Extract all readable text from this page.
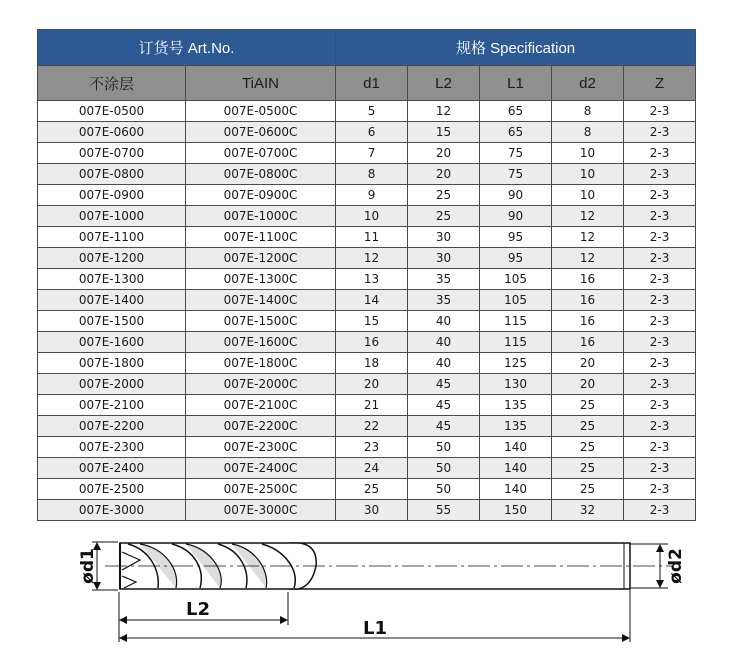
订货号 Art.No.		规格 Specification				
不涂层	TiAIN	d1	L2	L1	d2	Z
007E-0500	007E-0500C	5	12	65	8	2-3
007E-0600	007E-0600C	6	15	65	8	2-3
007E-0700	007E-0700C	7	20	75	10	2-3
007E-0800	007E-0800C	8	20	75	10	2-3
007E-0900	007E-0900C	9	25	90	10	2-3
007E-1000	007E-1000C	10	25	90	12	2-3
007E-1100	007E-1100C	11	30	95	12	2-3
007E-1200	007E-1200C	12	30	95	12	2-3
007E-1300	007E-1300C	13	35	105	16	2-3
007E-1400	007E-1400C	14	35	105	16	2-3
007E-1500	007E-1500C	15	40	115	16	2-3
007E-1600	007E-1600C	16	40	115	16	2-3
007E-1800	007E-1800C	18	40	125	20	2-3
007E-2000	007E-2000C	20	45	130	20	2-3
007E-2100	007E-2100C	21	45	135	25	2-3
007E-2200	007E-2200C	22	45	135	25	2-3
007E-2300	007E-2300C	23	50	140	25	2-3
007E-2400	007E-2400C	24	50	140	25	2-3
007E-2500	007E-2500C	25	50	140	25	2-3
007E-3000	007E-3000C	30	55	150	32	2-3
ød1	ød2
L2
L1
